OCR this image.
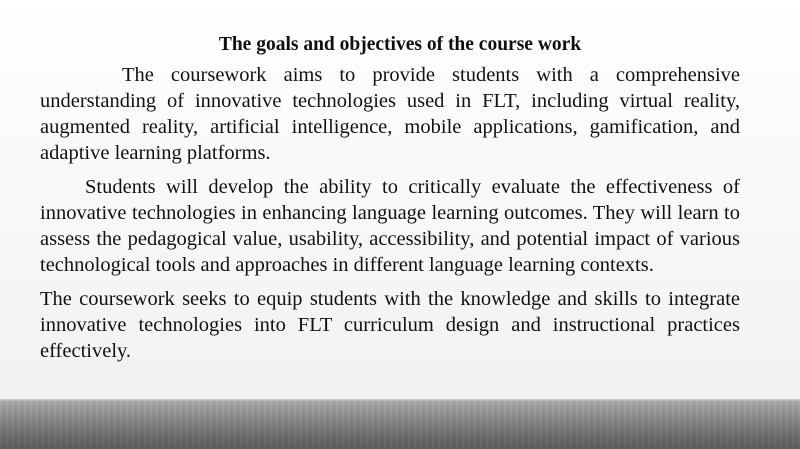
The goals and objectives of the course work

The coursework aims to provide students with a comprehensive understanding of innovative technologies used in FLT, including virtual reality, augmented reality, artificial intelligence, mobile applications, gamification, and adaptive learning platforms.

Students will develop the ability to critically evaluate the effectiveness of innovative technologies in enhancing language learning outcomes. They will learn to assess the pedagogical value, usability, accessibility, and potential impact of various technological tools and approaches in different language learning contexts.

The coursework seeks to equip students with the knowledge and skills to integrate innovative technologies into FLT curriculum design and instructional practices effectively.
